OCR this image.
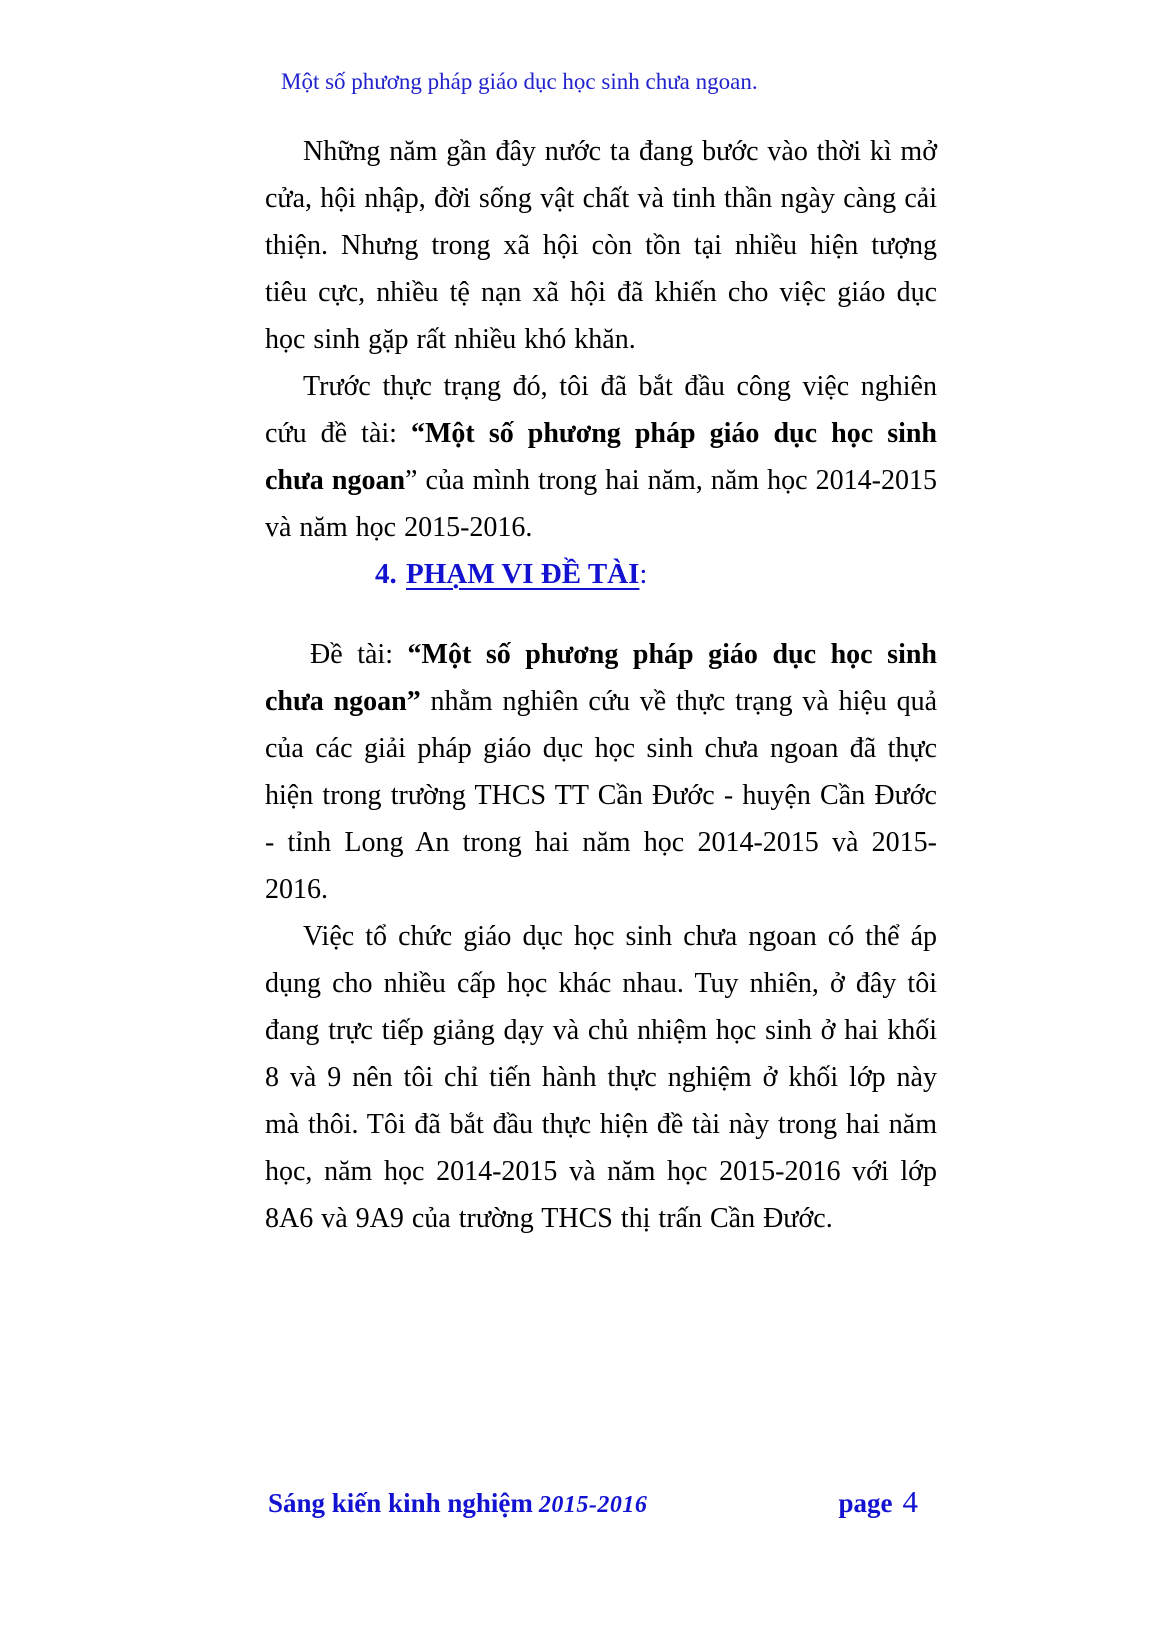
Một số phương pháp giáo dục học sinh chưa ngoan.

Những năm gần đây nước ta đang bước vào thời kì mở cửa, hội nhập, đời sống vật chất và tinh thần ngày càng cải thiện. Nhưng trong xã hội còn tồn tại nhiều hiện tượng tiêu cực, nhiều tệ nạn xã hội đã khiến cho việc giáo dục học sinh gặp rất nhiều khó khăn.

Trước thực trạng đó, tôi đã bắt đầu công việc nghiên cứu đề tài: “Một số phương pháp giáo dục học sinh chưa ngoan” của mình trong hai năm, năm học 2014-2015 và năm học 2015-2016.

4. PHẠM VI ĐỀ TÀI:

Đề tài: “Một số phương pháp giáo dục học sinh chưa ngoan” nhằm nghiên cứu về thực trạng và hiệu quả của các giải pháp giáo dục học sinh chưa ngoan đã thực hiện trong trường THCS TT Cần Đước - huyện Cần Đước - tỉnh Long An trong hai năm học 2014-2015 và 2015-2016.

Việc tổ chức giáo dục học sinh chưa ngoan có thể áp dụng cho nhiều cấp học khác nhau. Tuy nhiên, ở đây tôi đang trực tiếp giảng dạy và chủ nhiệm học sinh ở hai khối 8 và 9 nên tôi chỉ tiến hành thực nghiệm ở khối lớp này mà thôi. Tôi đã bắt đầu thực hiện đề tài này trong hai năm học, năm học 2014-2015 và năm học 2015-2016 với lớp 8A6 và 9A9 của trường THCS thị trấn Cần Đước.

Sáng kiến kinh nghiệm 2015-2016	page 4
